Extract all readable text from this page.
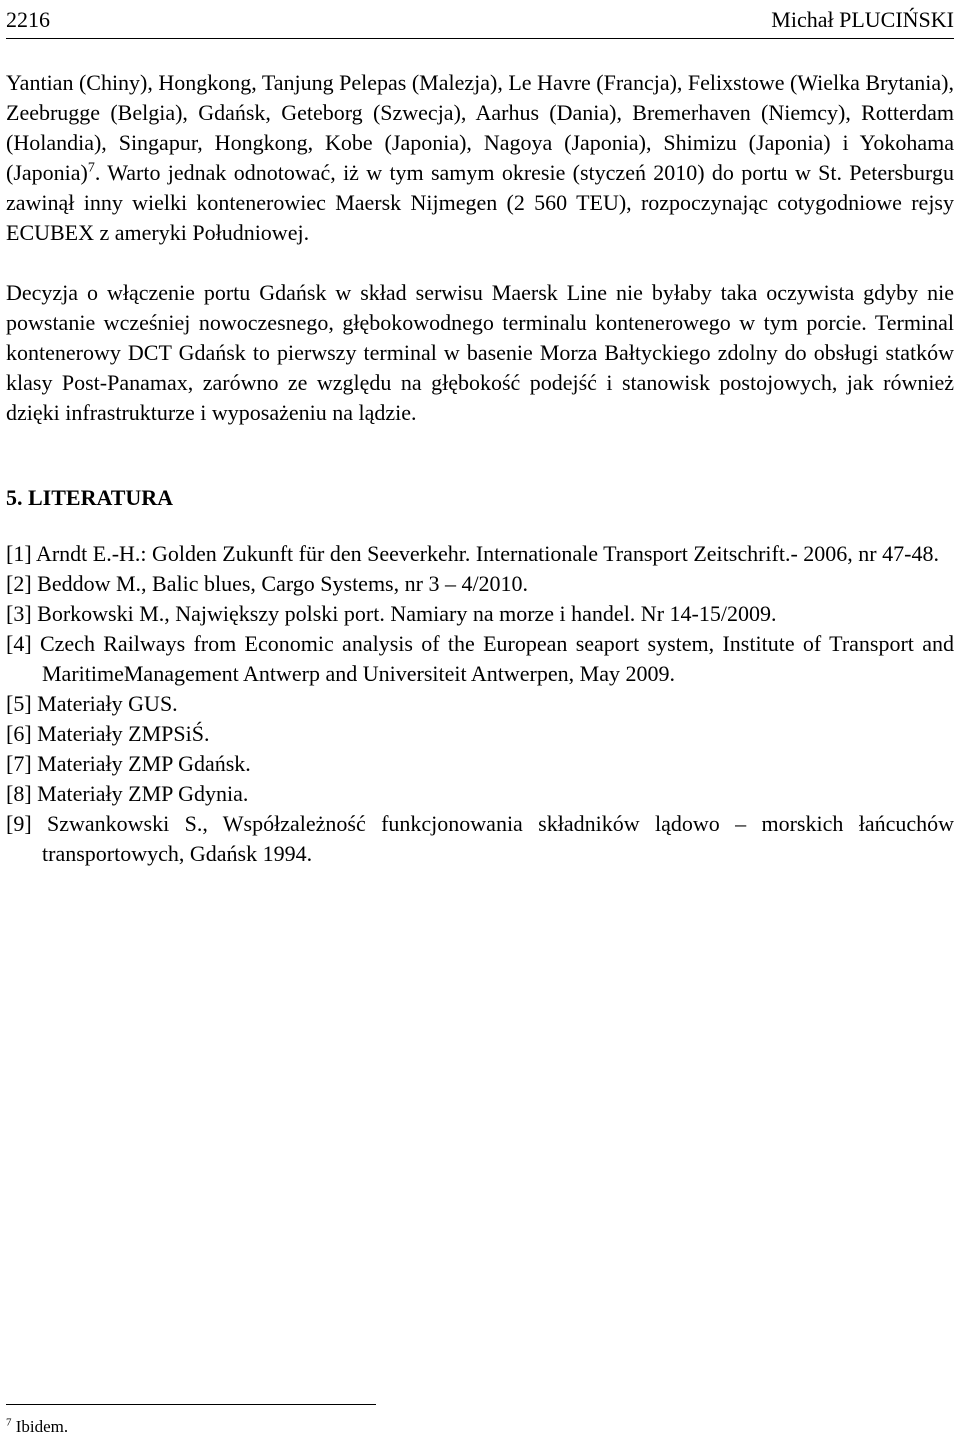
2216	Michał PLUCIŃSKI
Yantian (Chiny), Hongkong, Tanjung Pelepas (Malezja), Le Havre (Francja), Felixstowe (Wielka Brytania), Zeebrugge (Belgia), Gdańsk, Geteborg (Szwecja), Aarhus (Dania), Bremerhaven (Niemcy), Rotterdam (Holandia), Singapur, Hongkong, Kobe (Japonia), Nagoya (Japonia), Shimizu (Japonia) i Yokohama (Japonia)$^7$. Warto jednak odnotować, iż w tym samym okresie (styczeń 2010) do portu w St. Petersburgu zawinął inny wielki kontenerowiec Maersk Nijmegen (2 560 TEU), rozpoczynając cotygodniowe rejsy ECUBEX z ameryki Południowej.
Decyzja o włączenie portu Gdańsk w skład serwisu Maersk Line nie byłaby taka oczywista gdyby nie powstanie wcześniej nowoczesnego, głębokowodnego terminalu kontenerowego w tym porcie. Terminal kontenerowy DCT Gdańsk to pierwszy terminal w basenie Morza Bałtyckiego zdolny do obsługi statków klasy Post-Panamax, zarówno ze względu na głębokość podejść i stanowisk postojowych, jak również dzięki infrastrukturze i wyposażeniu na lądzie.
5. LITERATURA
[1] Arndt E.-H.: Golden Zukunft für den Seeverkehr. Internationale Transport Zeitschrift.- 2006, nr 47-48.
[2] Beddow M., Balic blues, Cargo Systems, nr 3 – 4/2010.
[3] Borkowski M., Największy polski port. Namiary na morze i handel. Nr 14-15/2009.
[4] Czech Railways from Economic analysis of the European seaport system, Institute of Transport and MaritimeManagement Antwerp and Universiteit Antwerpen, May 2009.
[5] Materiały GUS.
[6] Materiały ZMPSiŚ.
[7] Materiały ZMP Gdańsk.
[8] Materiały ZMP Gdynia.
[9] Szwankowski S., Współzależność funkcjonowania składników lądowo – morskich łańcuchów transportowych, Gdańsk 1994.
$^7$ Ibidem.
